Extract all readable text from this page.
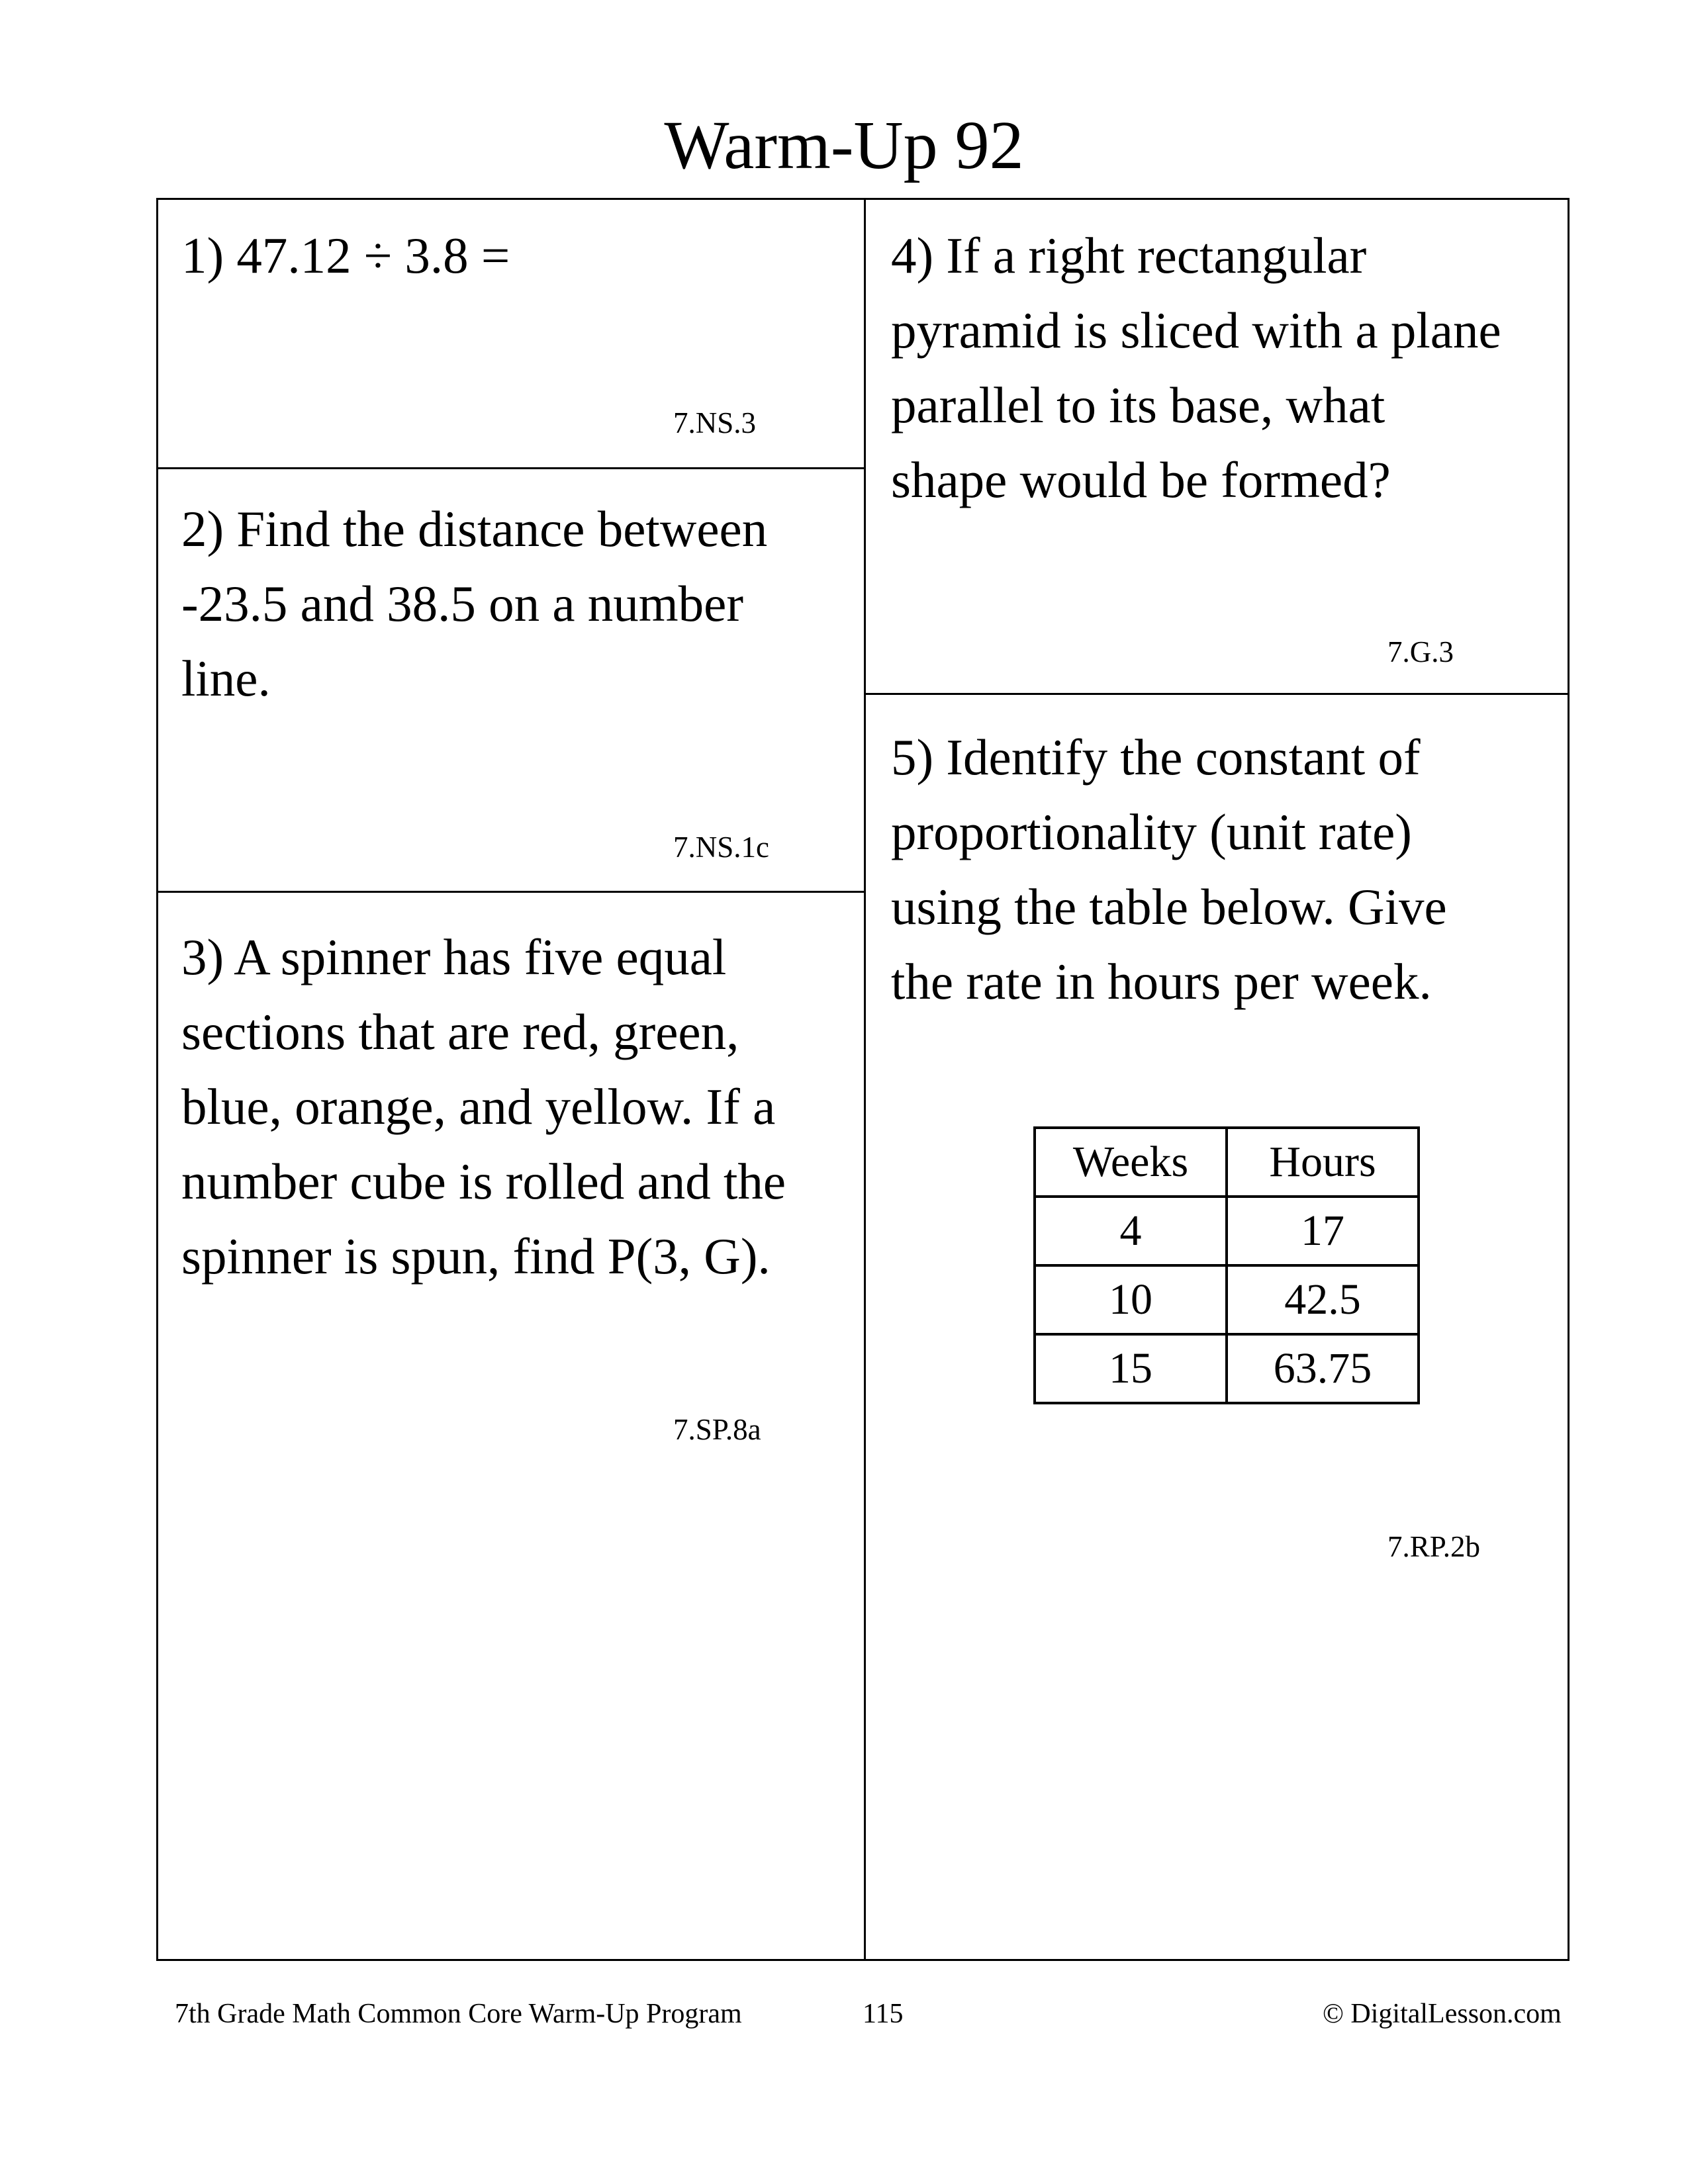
Warm-Up 92
1) 47.12 ÷ 3.8 =
7.NS.3
2) Find the distance between
-23.5 and 38.5 on a number
line.
7.NS.1c
3) A spinner has five equal
sections that are red, green,
blue, orange, and yellow. If a
number cube is rolled and the
spinner is spun, find P(3, G).
7.SP.8a
4) If a right rectangular
pyramid is sliced with a plane
parallel to its base, what
shape would be formed?
7.G.3
5) Identify the constant of
proportionality (unit rate)
using the table below. Give
the rate in hours per week.
Weeks	Hours
4	17
10	42.5
15	63.75
7.RP.2b
7th Grade Math Common Core Warm-Up Program	115	© DigitalLesson.com
